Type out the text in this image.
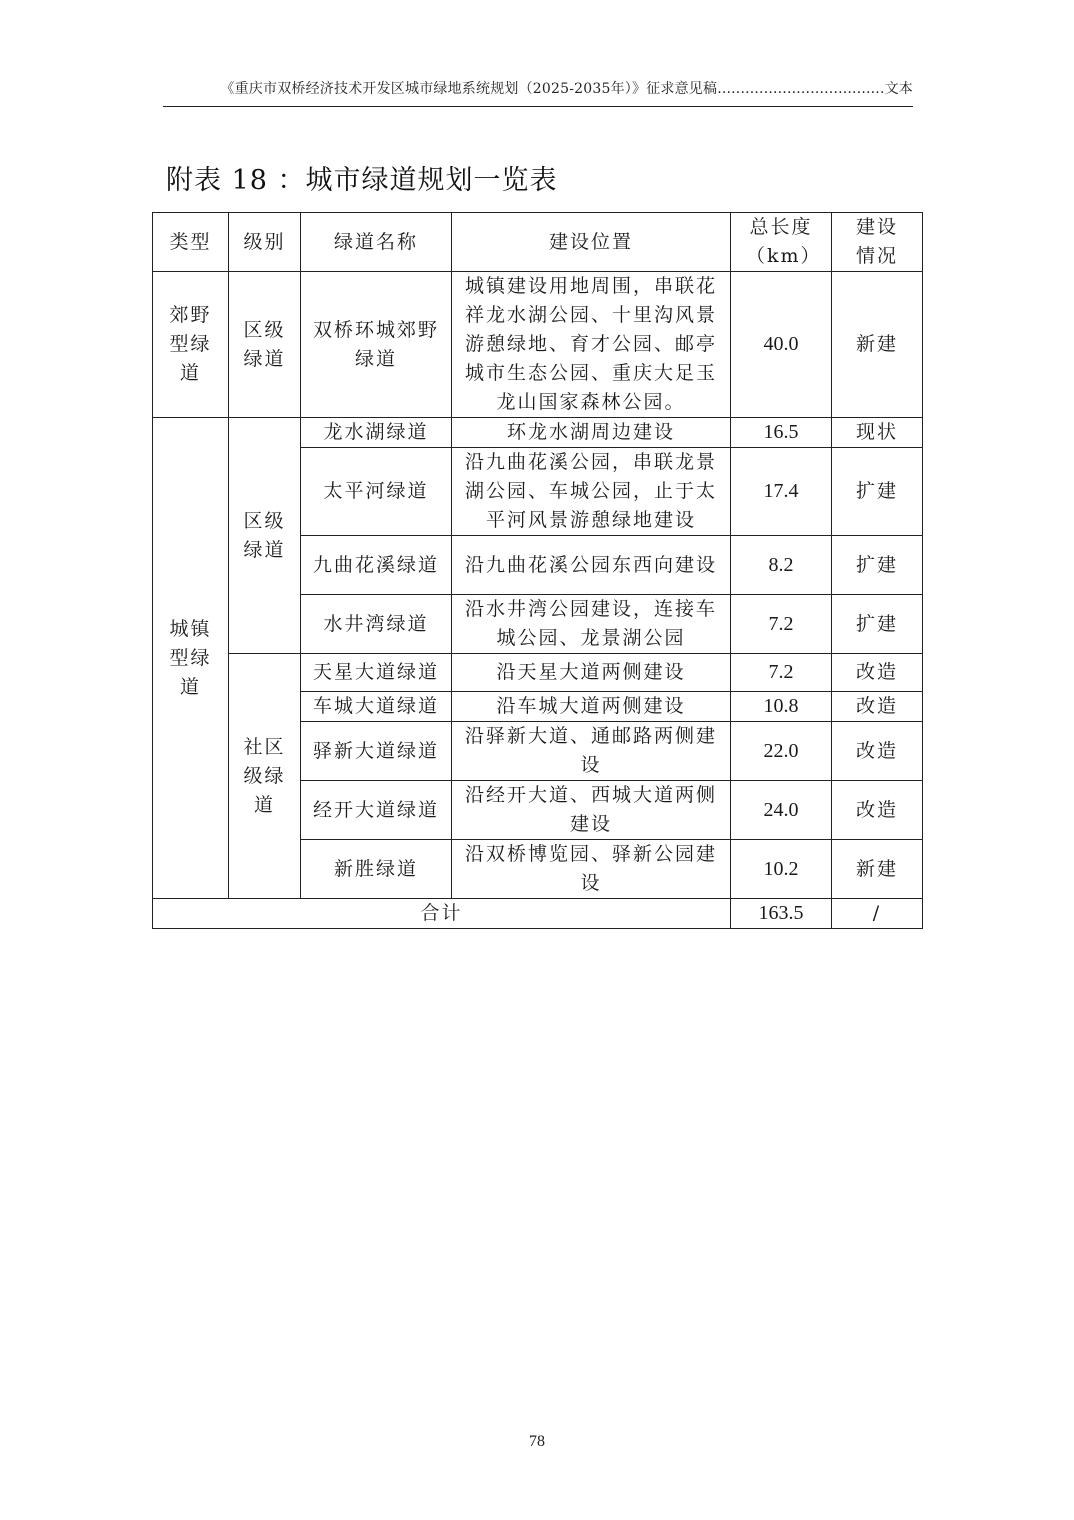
《重庆市双桥经济技术开发区城市绿地系统规划（2025-2035年）》征求意见稿....................................文本
附表 18 ：城市绿道规划一览表
类型	级别	绿道名称	建设位置	总长度（km）	建设情况

郊野型绿道	区级绿道	双桥环城郊野绿道	城镇建设用地周围，串联花祥龙水湖公园、十里沟风景游憩绿地、育才公园、邮亭城市生态公园、重庆大足玉龙山国家森林公园。	40.0	新建

城镇型绿道	区级绿道	龙水湖绿道	环龙水湖周边建设	16.5	现状
		太平河绿道	沿九曲花溪公园，串联龙景湖公园、车城公园，止于太平河风景游憩绿地建设	17.4	扩建
		九曲花溪绿道	沿九曲花溪公园东西向建设	8.2	扩建
		水井湾绿道	沿水井湾公园建设，连接车城公园、龙景湖公园	7.2	扩建

	社区级绿道	天星大道绿道	沿天星大道两侧建设	7.2	改造
		车城大道绿道	沿车城大道两侧建设	10.8	改造
		驿新大道绿道	沿驿新大道、通邮路两侧建设	22.0	改造
		经开大道绿道	沿经开大道、西城大道两侧建设	24.0	改造
		新胜绿道	沿双桥博览园、驿新公园建设	10.2	新建
合计				163.5	/
78
